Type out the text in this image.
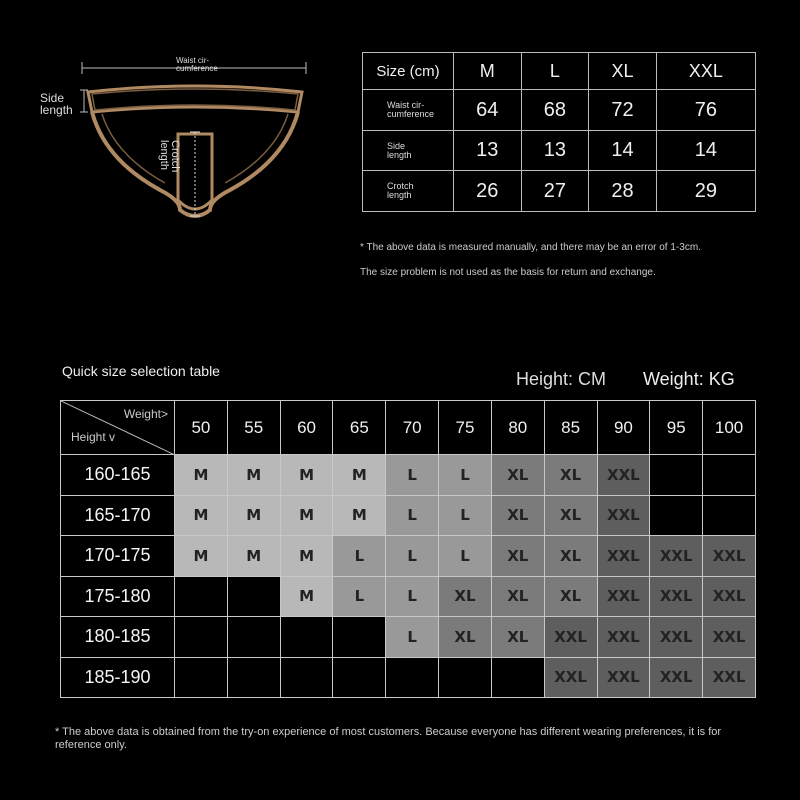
Waist cir-
cumference
Side
length
Crotch
length
Size (cm)	M	L	XL	XXL
Waist cir-
cumference	64	68	72	76
Side
length	13	13	14	14
Crotch
length	26	27	28	29
* The above data is measured manually, and there may be an error of 1-3cm.
The size problem is not used as the basis for return and exchange.
Quick size selection table	Height: CM Weight: KG
Weight>
Height v	50	55	60	65	70	75	80	85	90	95	100
160-165	M	M	M	M	L	L	XL	XL	XXL		
165-170	M	M	M	M	L	L	XL	XL	XXL		
170-175	M	M	M	L	L	L	XL	XL	XXL	XXL	XXL
175-180			M	L	L	XL	XL	XL	XXL	XXL	XXL
180-185					L	XL	XL	XXL	XXL	XXL	XXL
185-190								XXL	XXL	XXL	XXL
* The above data is obtained from the try-on experience of most customers. Because everyone has different wearing preferences, it is for reference only.
